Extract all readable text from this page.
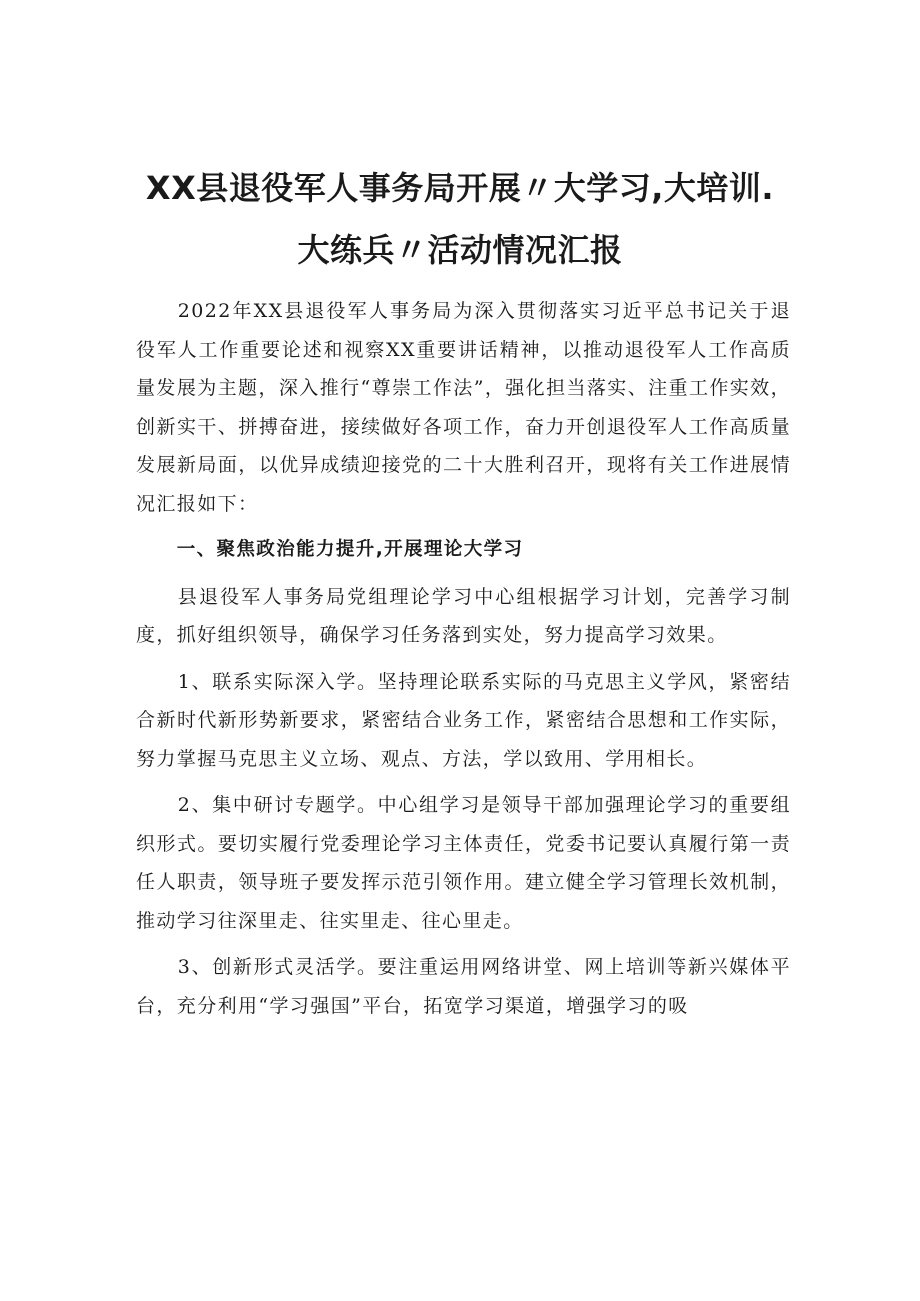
XX县退役军人事务局开展〃大学习,大培训.
大练兵〃活动情况汇报

2022年XX县退役军人事务局为深入贯彻落实习近平总书记关于退役军人工作重要论述和视察XX重要讲话精神，以推动退役军人工作高质量发展为主题，深入推行“尊崇工作法”，强化担当落实、注重工作实效，创新实干、拼搏奋进，接续做好各项工作，奋力开创退役军人工作高质量发展新局面，以优异成绩迎接党的二十大胜利召开，现将有关工作进展情况汇报如下：

一、聚焦政治能力提升,开展理论大学习

县退役军人事务局党组理论学习中心组根据学习计划，完善学习制度，抓好组织领导，确保学习任务落到实处，努力提高学习效果。

1、联系实际深入学。坚持理论联系实际的马克思主义学风，紧密结合新时代新形势新要求，紧密结合业务工作，紧密结合思想和工作实际，努力掌握马克思主义立场、观点、方法，学以致用、学用相长。

2、集中研讨专题学。中心组学习是领导干部加强理论学习的重要组织形式。要切实履行党委理论学习主体责任，党委书记要认真履行第一责任人职责，领导班子要发挥示范引领作用。建立健全学习管理长效机制，推动学习往深里走、往实里走、往心里走。

3、创新形式灵活学。要注重运用网络讲堂、网上培训等新兴媒体平台，充分利用“学习强国”平台，拓宽学习渠道，增强学习的吸
